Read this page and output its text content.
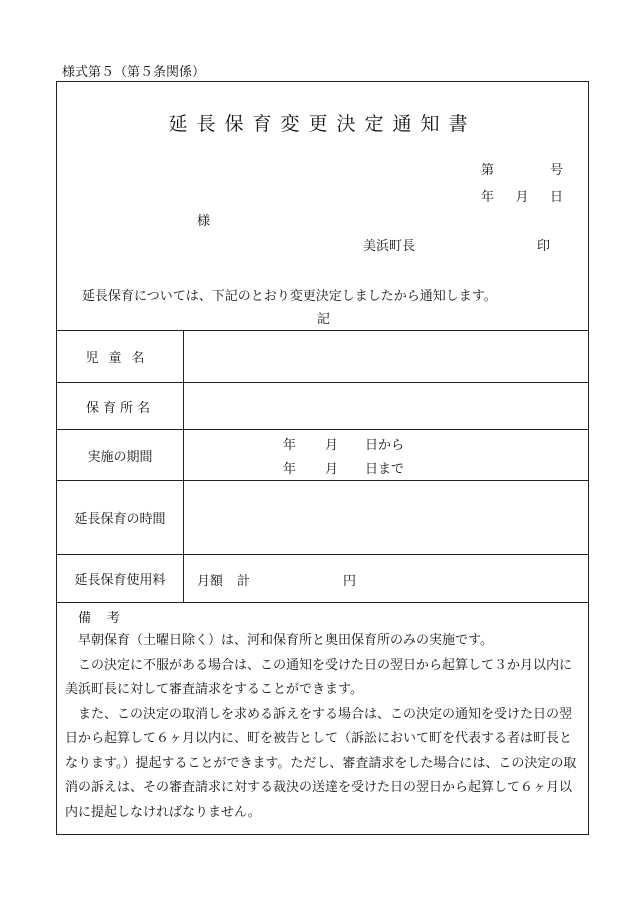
様式第５（第５条関係）
延長保育変更決定通知書
第	号
年 月 日
様
美浜町長	印
延長保育については、下記のとおり変更決定しましたから通知します。
記
児童名
保育所名
実施の期間
年	月	日から
年	月	日まで
延長保育の時間
延長保育使用料 月額 計	円
備考

早朝保育（土曜日除く）は、河和保育所と奥田保育所のみの実施です。

この決定に不服がある場合は、この通知を受けた日の翌日から起算して３か月以内に美浜町長に対して審査請求をすることができます。

また、この決定の取消しを求める訴えをする場合は、この決定の通知を受けた日の翌日から起算して６ヶ月以内に、町を被告として（訴訟において町を代表する者は町長となります。）提起することができます。ただし、審査請求をした場合には、この決定の取消の訴えは、その審査請求に対する裁決の送達を受けた日の翌日から起算して６ヶ月以内に提起しなければなりません。
